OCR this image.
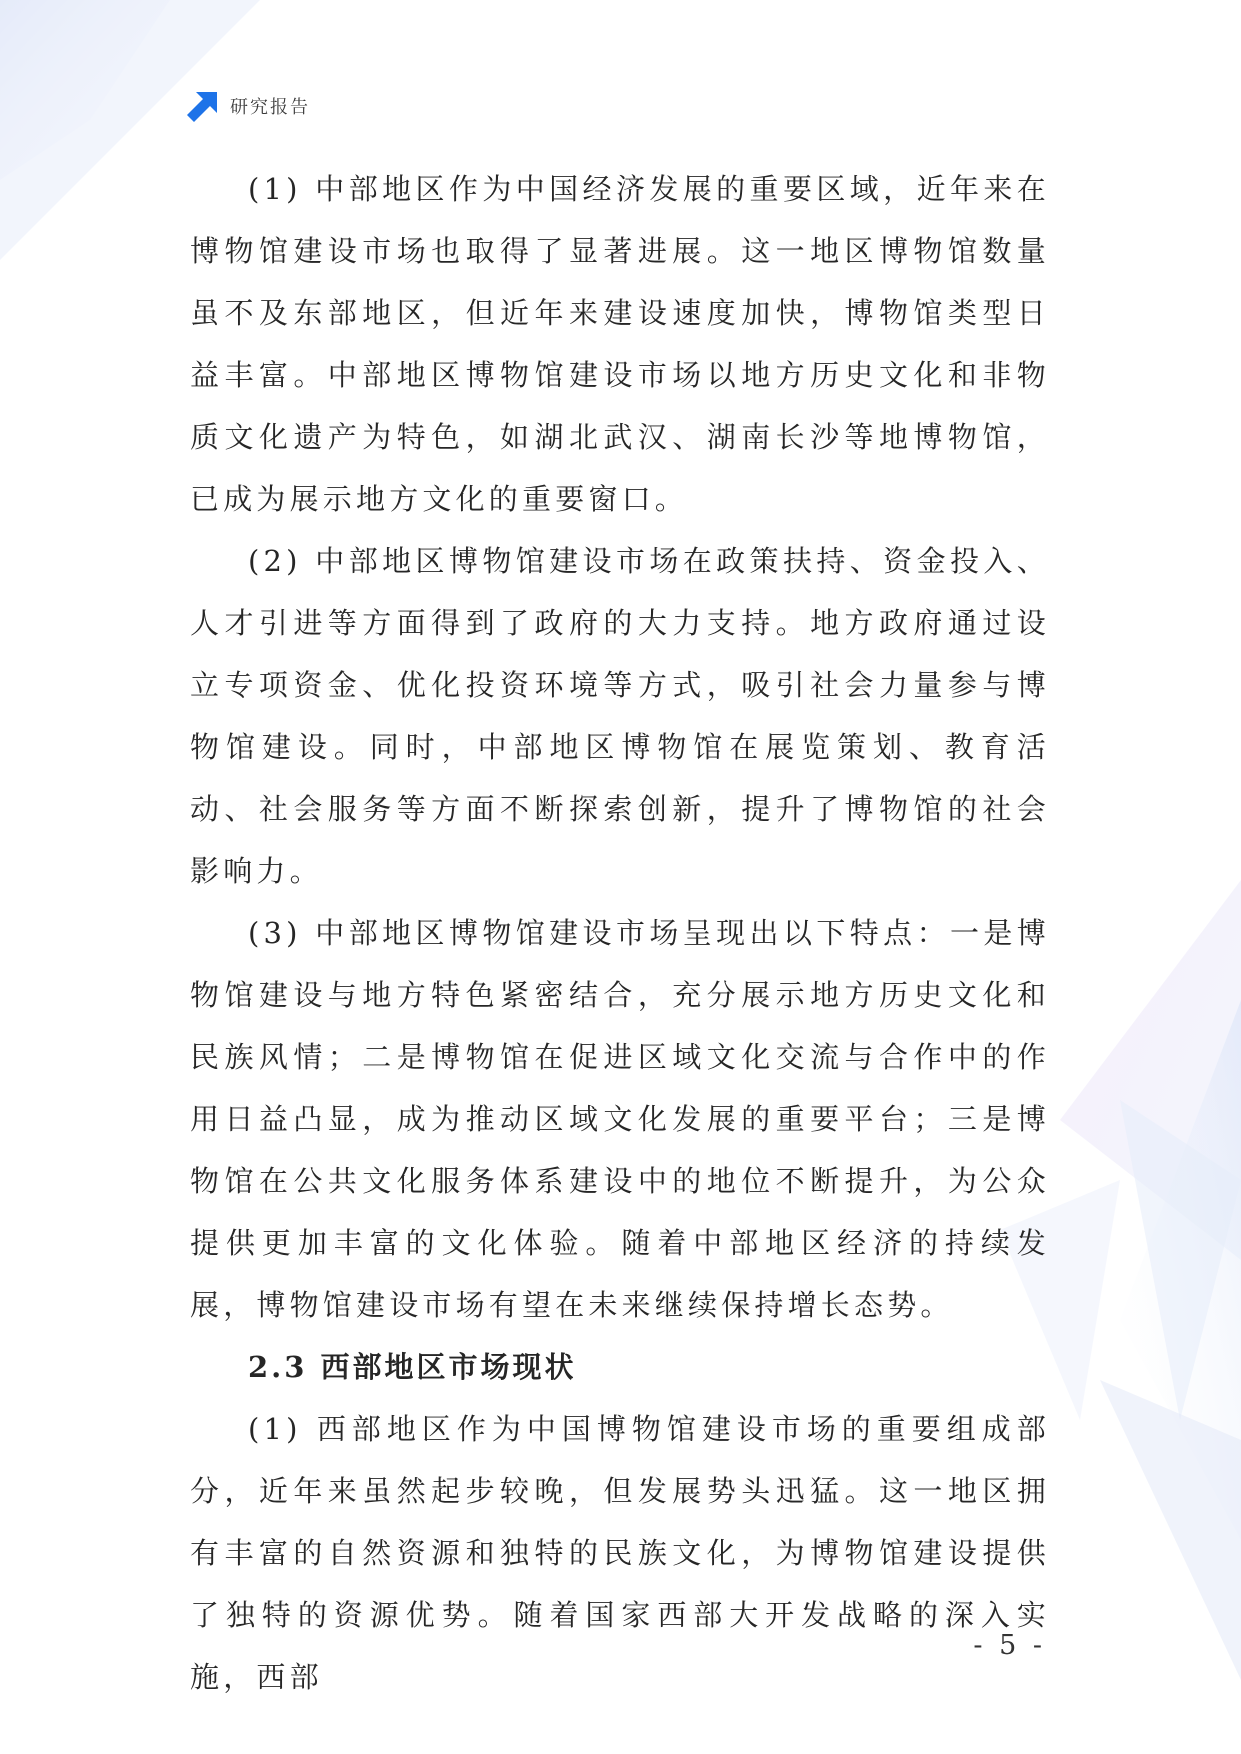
研究报告

(1) 中部地区作为中国经济发展的重要区域，近年来在博物馆建设市场也取得了显著进展。这一地区博物馆数量虽不及东部地区，但近年来建设速度加快，博物馆类型日益丰富。中部地区博物馆建设市场以地方历史文化和非物质文化遗产为特色，如湖北武汉、湖南长沙等地博物馆，已成为展示地方文化的重要窗口。

(2) 中部地区博物馆建设市场在政策扶持、资金投入、人才引进等方面得到了政府的大力支持。地方政府通过设立专项资金、优化投资环境等方式，吸引社会力量参与博物馆建设。同时，中部地区博物馆在展览策划、教育活动、社会服务等方面不断探索创新，提升了博物馆的社会影响力。

(3) 中部地区博物馆建设市场呈现出以下特点：一是博物馆建设与地方特色紧密结合，充分展示地方历史文化和民族风情；二是博物馆在促进区域文化交流与合作中的作用日益凸显，成为推动区域文化发展的重要平台；三是博物馆在公共文化服务体系建设中的地位不断提升，为公众提供更加丰富的文化体验。随着中部地区经济的持续发展，博物馆建设市场有望在未来继续保持增长态势。

2.3 西部地区市场现状

(1) 西部地区作为中国博物馆建设市场的重要组成部分，近年来虽然起步较晚，但发展势头迅猛。这一地区拥有丰富的自然资源和独特的民族文化，为博物馆建设提供了独特的资源优势。随着国家西部大开发战略的深入实施，西部

- 5 -
